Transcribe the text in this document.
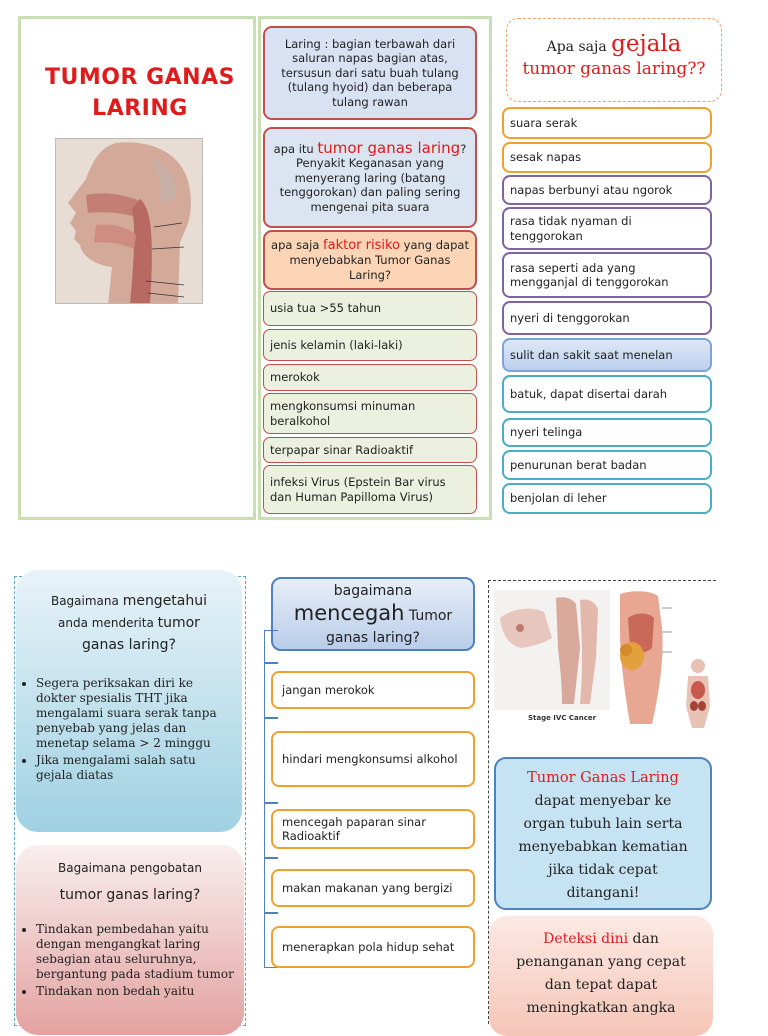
TUMOR GANAS
LARING
Laring : bagian terbawah dari saluran napas bagian atas, tersusun dari satu buah tulang (tulang hyoid) dan beberapa tulang rawan
apa itu tumor ganas laring? Penyakit Keganasan yang menyerang laring (batang tenggorokan) dan paling sering mengenai pita suara
apa saja faktor risiko yang dapat menyebabkan Tumor Ganas Laring?
usia tua >55 tahun
jenis kelamin (laki-laki)
merokok
mengkonsumsi minuman beralkohol
terpapar sinar Radioaktif
infeksi Virus (Epstein Bar virus dan Human Papilloma Virus)
Apa saja gejala
tumor ganas laring??
suara serak
sesak napas
napas berbunyi atau ngorok
rasa tidak nyaman di tenggorokan
rasa seperti ada yang mengganjal di tenggorokan
nyeri di tenggorokan
sulit dan sakit saat menelan
batuk, dapat disertai darah
nyeri telinga
penurunan berat badan
benjolan di leher
Bagaimana mengetahui
anda menderita tumor
ganas laring?
• Segera periksakan diri ke dokter spesialis THT jika mengalami suara serak tanpa penyebab yang jelas dan menetap selama > 2 minggu
• Jika mengalami salah satu gejala diatas
Bagaimana pengobatan
tumor ganas laring?
• Tindakan pembedahan yaitu dengan mengangkat laring sebagian atau seluruhnya, bergantung pada stadium tumor
• Tindakan non bedah yaitu
bagaimana
mencegah Tumor
ganas laring?
jangan merokok
hindari mengkonsumsi alkohol
mencegah paparan sinar Radioaktif
makan makanan yang bergizi
menerapkan pola hidup sehat
Stage IVC Cancer
Tumor Ganas Laring
dapat menyebar ke organ tubuh lain serta menyebabkan kematian jika tidak cepat ditangani!
Deteksi dini dan penanganan yang cepat dan tepat dapat meningkatkan angka
